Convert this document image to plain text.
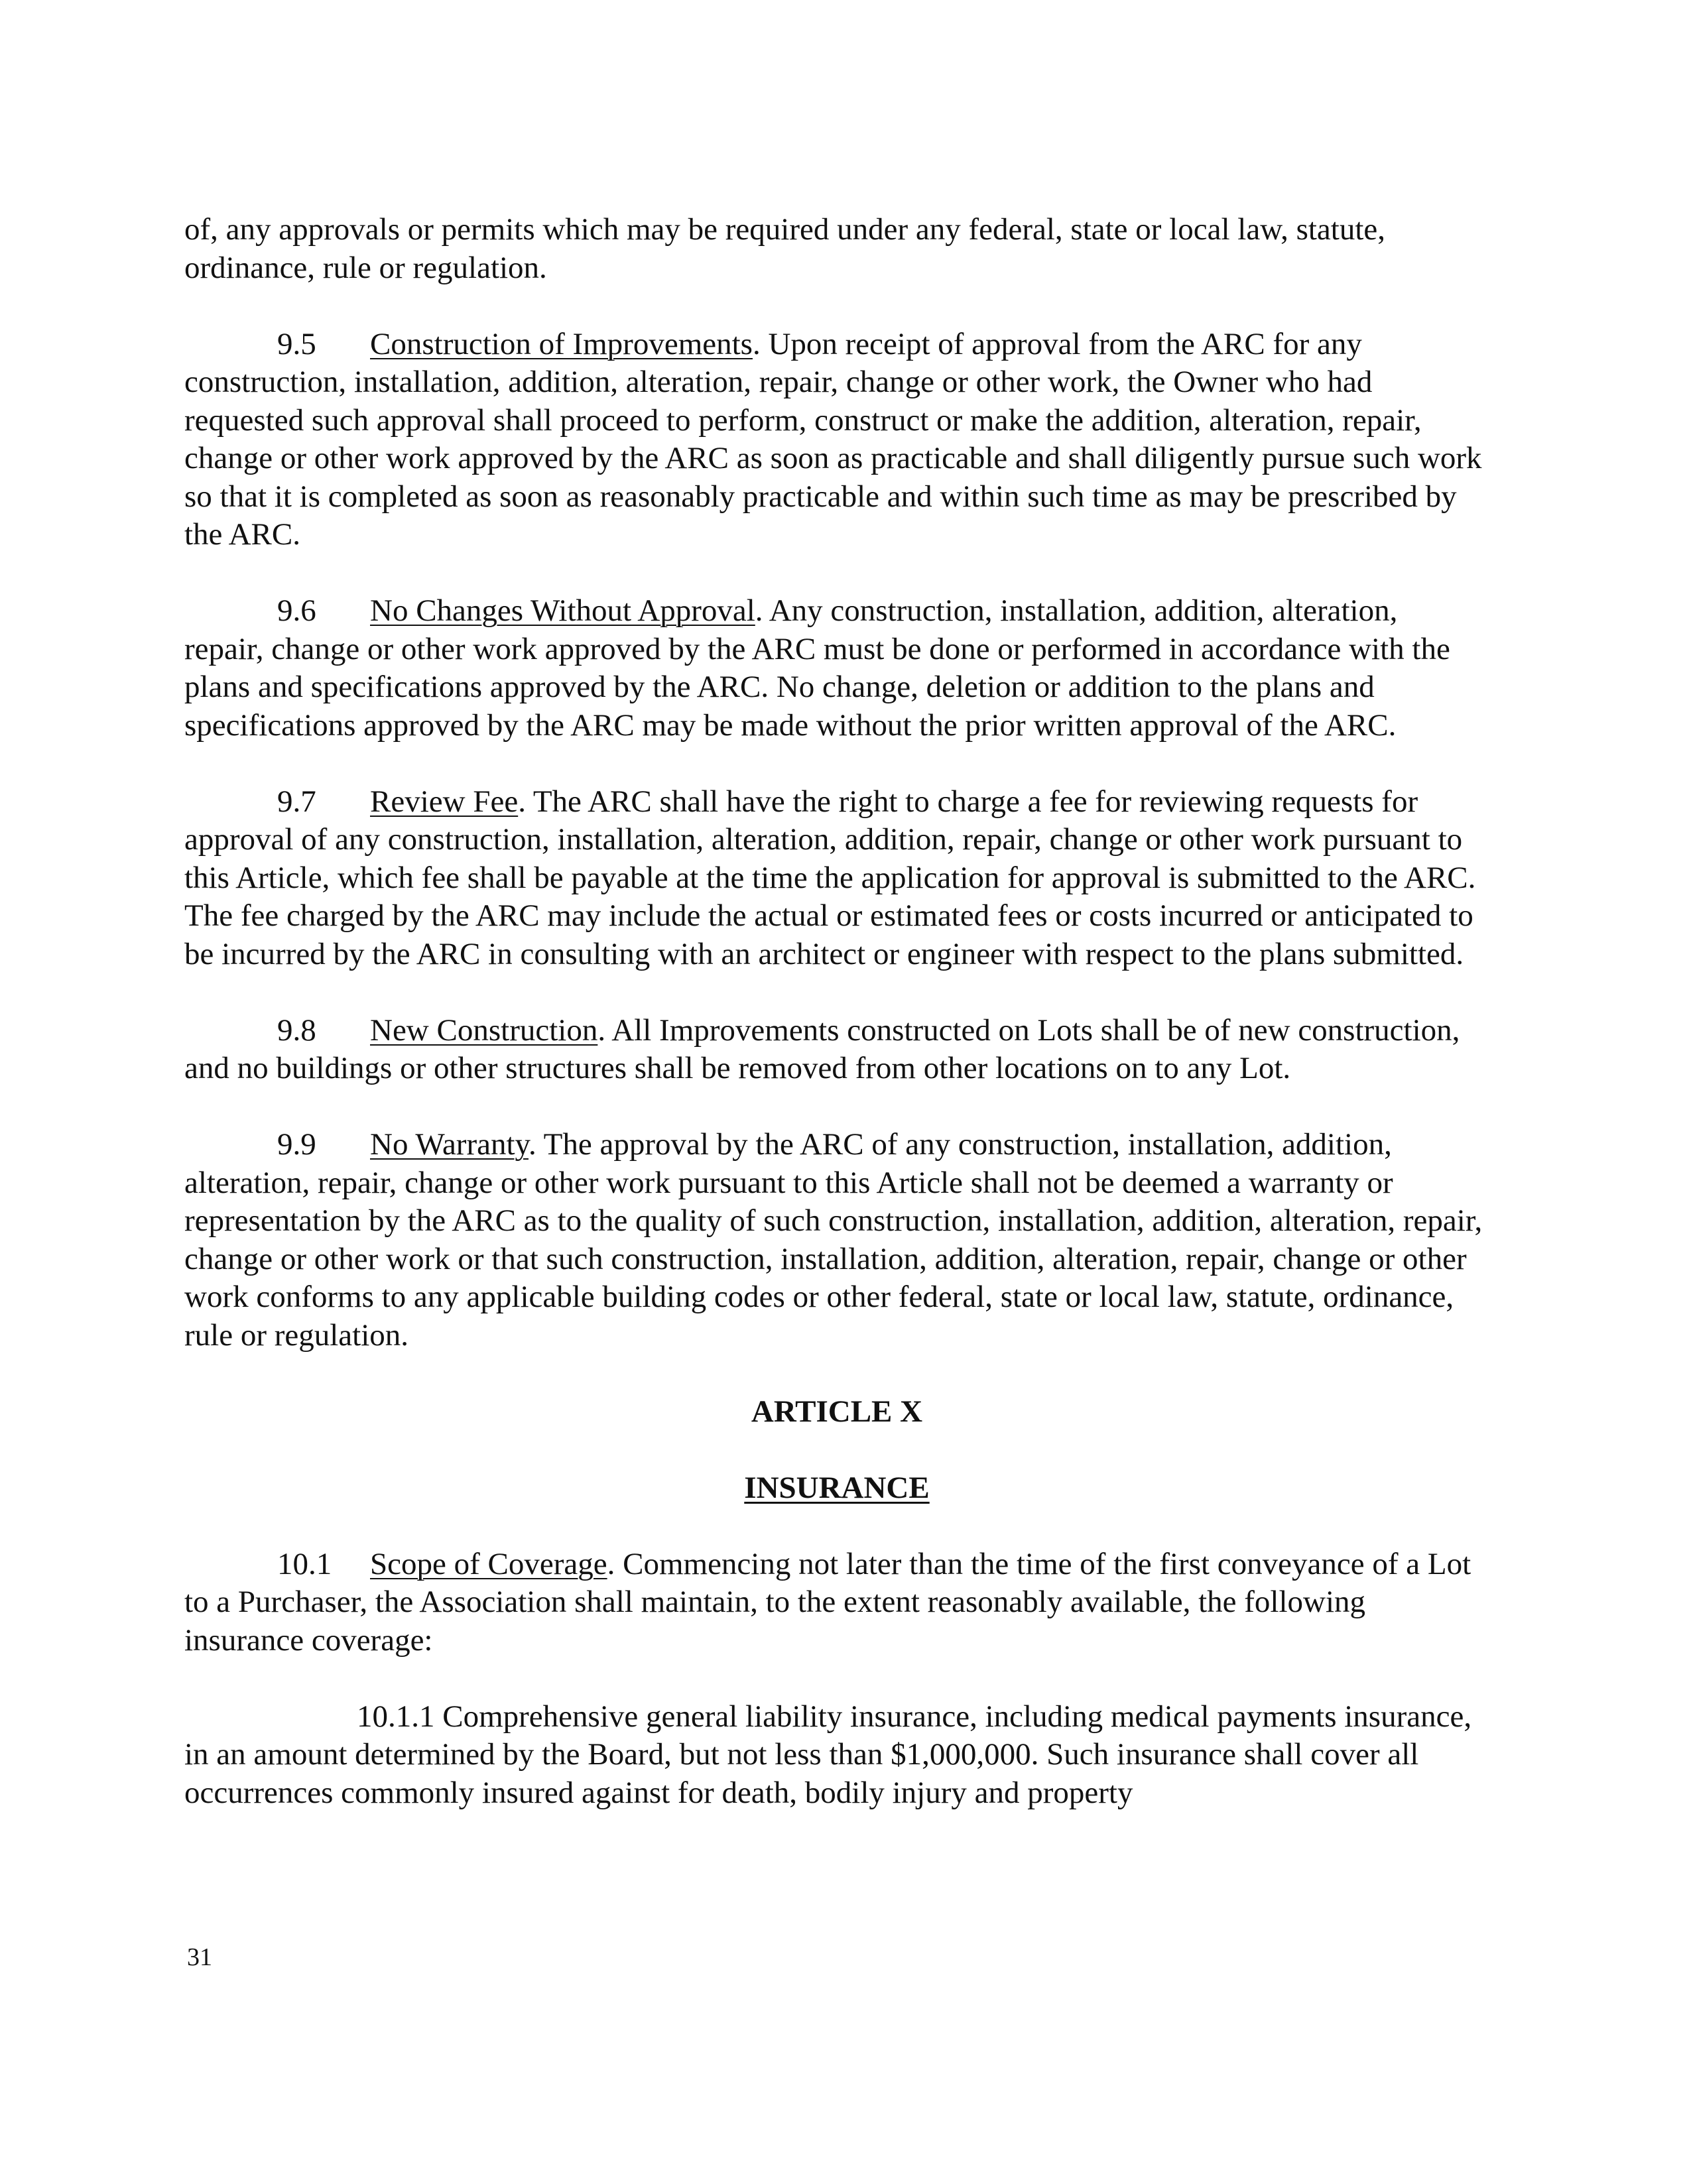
of, any approvals or permits which may be required under any federal, state or local law, statute, ordinance, rule or regulation.

9.5 Construction of Improvements. Upon receipt of approval from the ARC for any construction, installation, addition, alteration, repair, change or other work, the Owner who had requested such approval shall proceed to perform, construct or make the addition, alteration, repair, change or other work approved by the ARC as soon as practicable and shall diligently pursue such work so that it is completed as soon as reasonably practicable and within such time as may be prescribed by the ARC.

9.6 No Changes Without Approval. Any construction, installation, addition, alteration, repair, change or other work approved by the ARC must be done or performed in accordance with the plans and specifications approved by the ARC. No change, deletion or addition to the plans and specifications approved by the ARC may be made without the prior written approval of the ARC.

9.7 Review Fee. The ARC shall have the right to charge a fee for reviewing requests for approval of any construction, installation, alteration, addition, repair, change or other work pursuant to this Article, which fee shall be payable at the time the application for approval is submitted to the ARC. The fee charged by the ARC may include the actual or estimated fees or costs incurred or anticipated to be incurred by the ARC in consulting with an architect or engineer with respect to the plans submitted.

9.8 New Construction. All Improvements constructed on Lots shall be of new construction, and no buildings or other structures shall be removed from other locations on to any Lot.

9.9 No Warranty. The approval by the ARC of any construction, installation, addition, alteration, repair, change or other work pursuant to this Article shall not be deemed a warranty or representation by the ARC as to the quality of such construction, installation, addition, alteration, repair, change or other work or that such construction, installation, addition, alteration, repair, change or other work conforms to any applicable building codes or other federal, state or local law, statute, ordinance, rule or regulation.

ARTICLE X

INSURANCE

10.1 Scope of Coverage. Commencing not later than the time of the first conveyance of a Lot to a Purchaser, the Association shall maintain, to the extent reasonably available, the following insurance coverage:

10.1.1 Comprehensive general liability insurance, including medical payments insurance, in an amount determined by the Board, but not less than $1,000,000. Such insurance shall cover all occurrences commonly insured against for death, bodily injury and property

31
